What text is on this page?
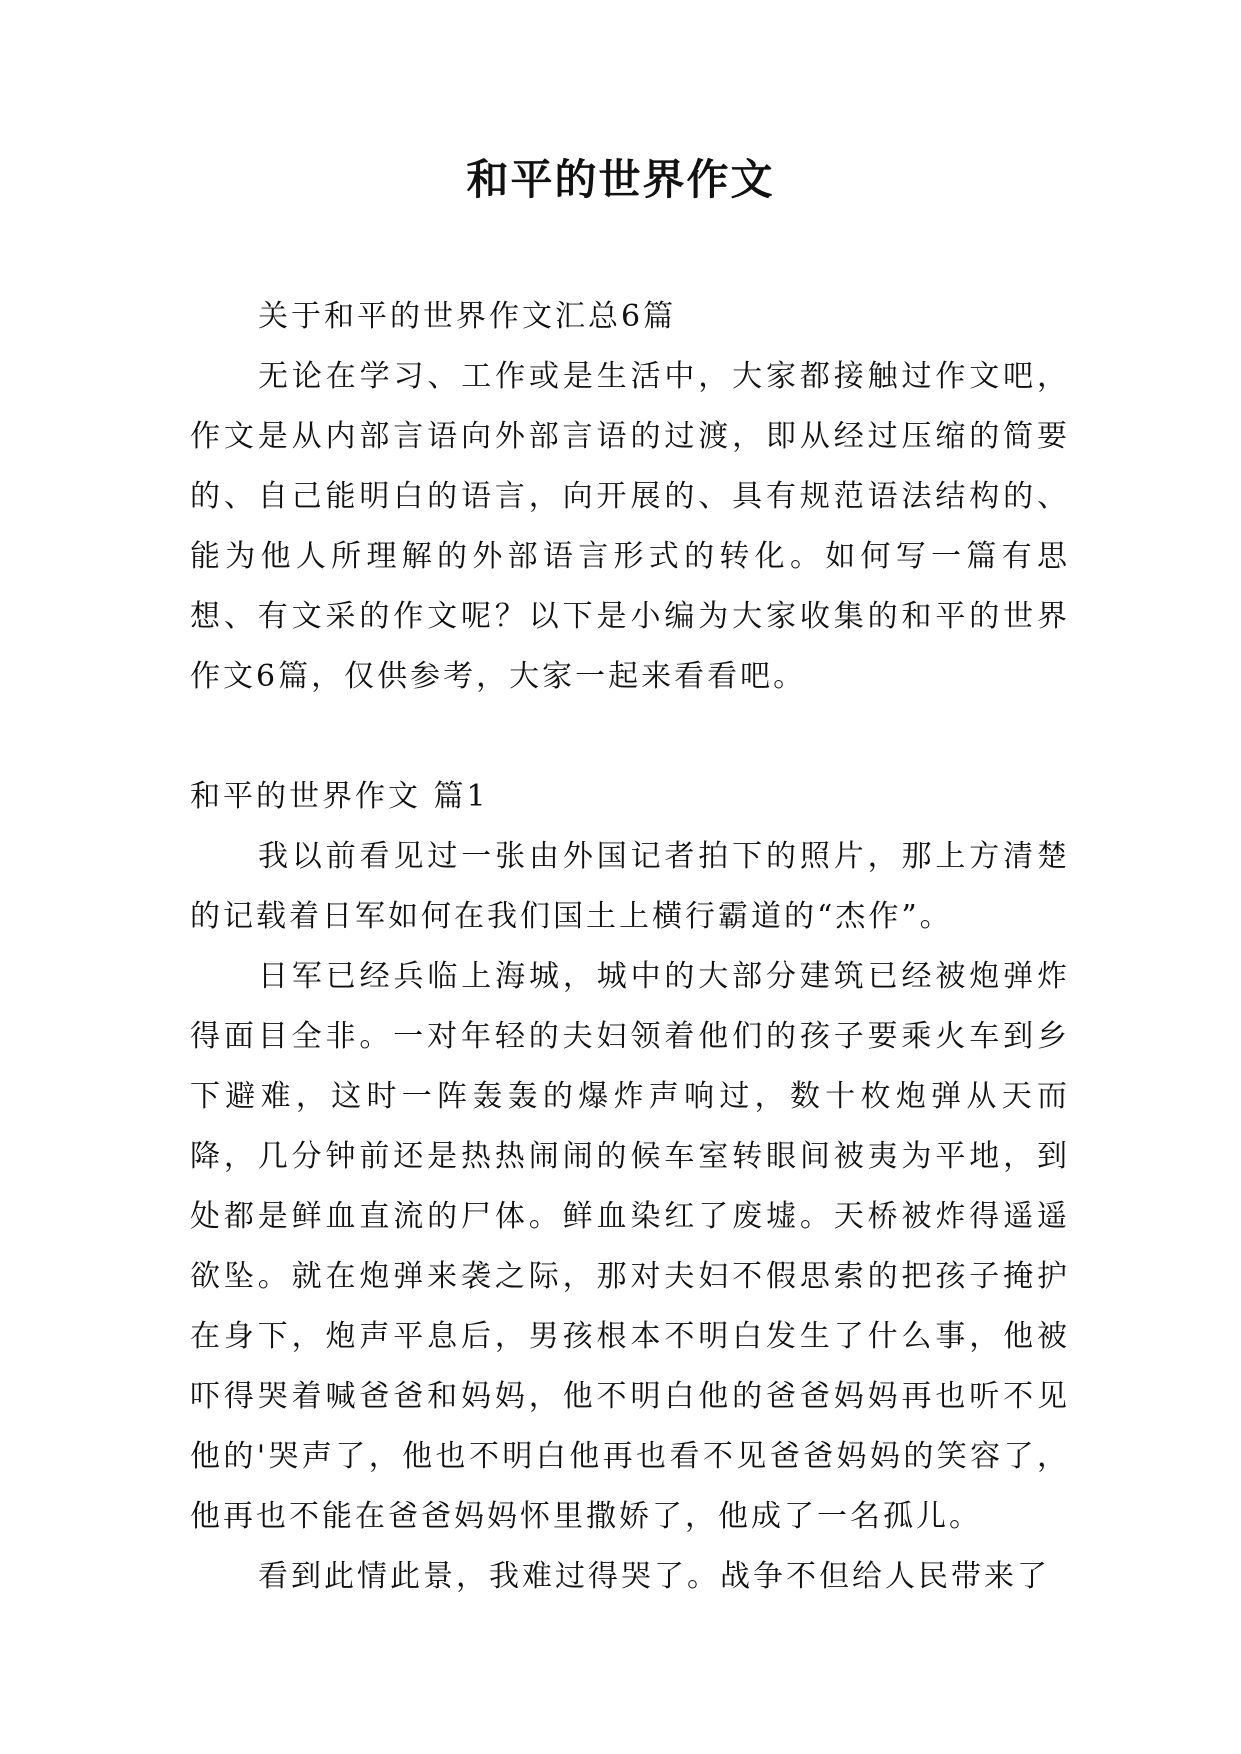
和平的世界作文

关于和平的世界作文汇总6篇

无论在学习、工作或是生活中，大家都接触过作文吧，作文是从内部言语向外部言语的过渡，即从经过压缩的简要的、自己能明白的语言，向开展的、具有规范语法结构的、能为他人所理解的外部语言形式的转化。如何写一篇有思想、有文采的作文呢？以下是小编为大家收集的和平的世界作文6篇，仅供参考，大家一起来看看吧。

和平的世界作文 篇1

我以前看见过一张由外国记者拍下的照片，那上方清楚的记载着日军如何在我们国土上横行霸道的“杰作”。

日军已经兵临上海城，城中的大部分建筑已经被炮弹炸得面目全非。一对年轻的夫妇领着他们的孩子要乘火车到乡下避难，这时一阵轰轰的爆炸声响过，数十枚炮弹从天而降，几分钟前还是热热闹闹的候车室转眼间被夷为平地，到处都是鲜血直流的尸体。鲜血染红了废墟。天桥被炸得遥遥欲坠。就在炮弹来袭之际，那对夫妇不假思索的把孩子掩护在身下，炮声平息后，男孩根本不明白发生了什么事，他被吓得哭着喊爸爸和妈妈，他不明白他的爸爸妈妈再也听不见他的'哭声了，他也不明白他再也看不见爸爸妈妈的笑容了，他再也不能在爸爸妈妈怀里撒娇了，他成了一名孤儿。

看到此情此景，我难过得哭了。战争不但给人民带来了
